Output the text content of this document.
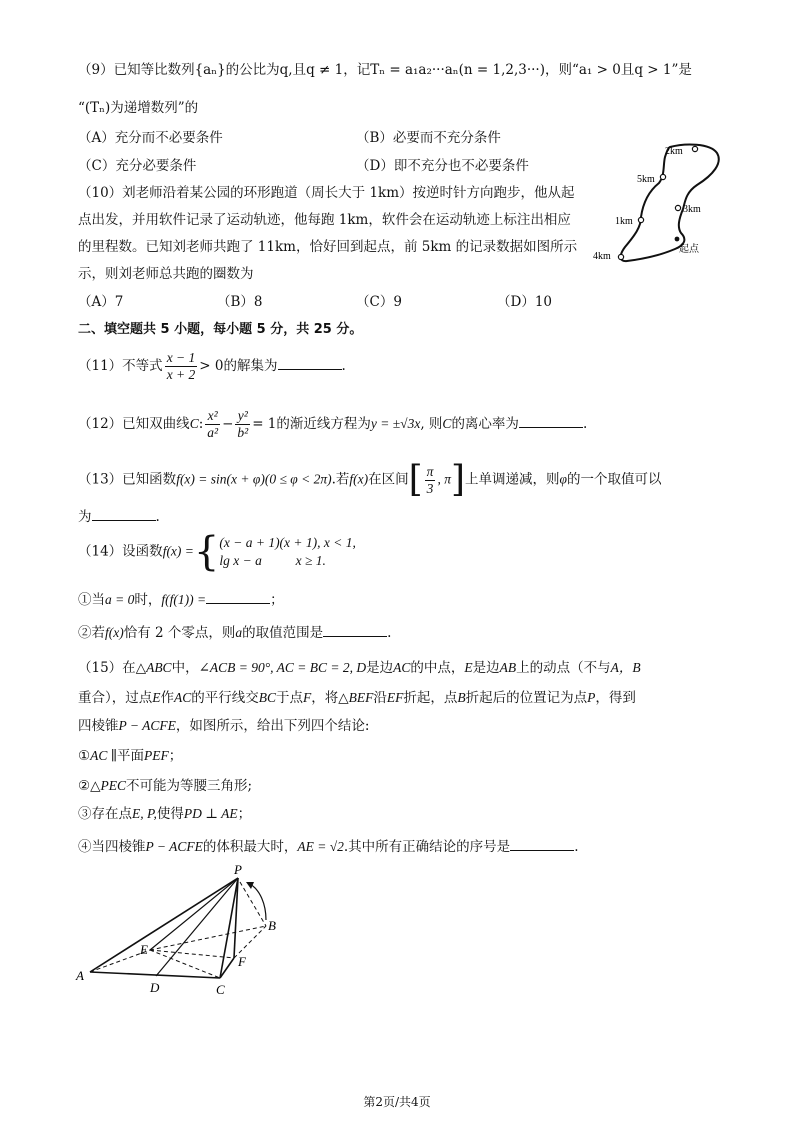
（9）已知等比数列{aₙ}的公比为q,且q ≠ 1，记Tₙ = a₁a₂···aₙ(n = 1,2,3···)，则“a₁ > 0且q > 1”是
“(Tₙ)为递增数列”的
（A）充分而不必要条件	（B）必要而不充分条件
（C）充分必要条件	（D）即不充分也不必要条件
（10）刘老师沿着某公园的环形跑道（周长大于 1km）按逆时针方向跑步，他从起
点出发，并用软件记录了运动轨迹，他每跑 1km，软件会在运动轨迹上标注出相应
的里程数。已知刘老师共跑了 11km，恰好回到起点，前 5km 的记录数据如图所示
示，则刘老师总共跑的圈数为
（A）7	（B）8	（C）9	（D）10
2km
5km
3km
1km
4km
起点
二、填空题共 5 小题，每小题 5 分，共 25 分。
（11）不等式 $\frac{x - 1}{x + 2} > 0$的解集为	.
（12）已知双曲线C: $\frac{\text{x²}}{\text{a²}} - \frac{\text{y²}}{\text{b²}} = 1$的渐近线方程为y = ±√3x, 则C的离心率为	.
（13）已知函数f(x) = sin(x + φ)(0 ≤ φ < 2π).若f(x)在区间[ $\frac{\pi}{3}$ , π]上单调递减，则φ的一个取值可以
为	.
（14）设函数f(x) ={ (x − a + 1)(x + 1), x < 1,
lg x − a          x ≥ 1.
①当a = 0时，f(f(1)) =	；
②若f(x)恰有 2 个零点，则a的取值范围是	.
（15）在△ABC中，∠ACB = 90°, AC = BC = 2, D是边AC的中点，E是边AB上的动点（不与A，B
重合），过点E作AC的平行线交BC于点F，将△BEF沿EF折起，点B折起后的位置记为点P，得到
四棱锥P − ACFE，如图所示，给出下列四个结论:
①AC ∥平面PEF；
②△PEC不可能为等腰三角形;
③存在点E, P,使得PD ⊥ AE；
④当四棱锥P − ACFE的体积最大时，AE = √2.其中所有正确结论的序号是	.
P
B
E
F
A
D	C
第2页/共4页
